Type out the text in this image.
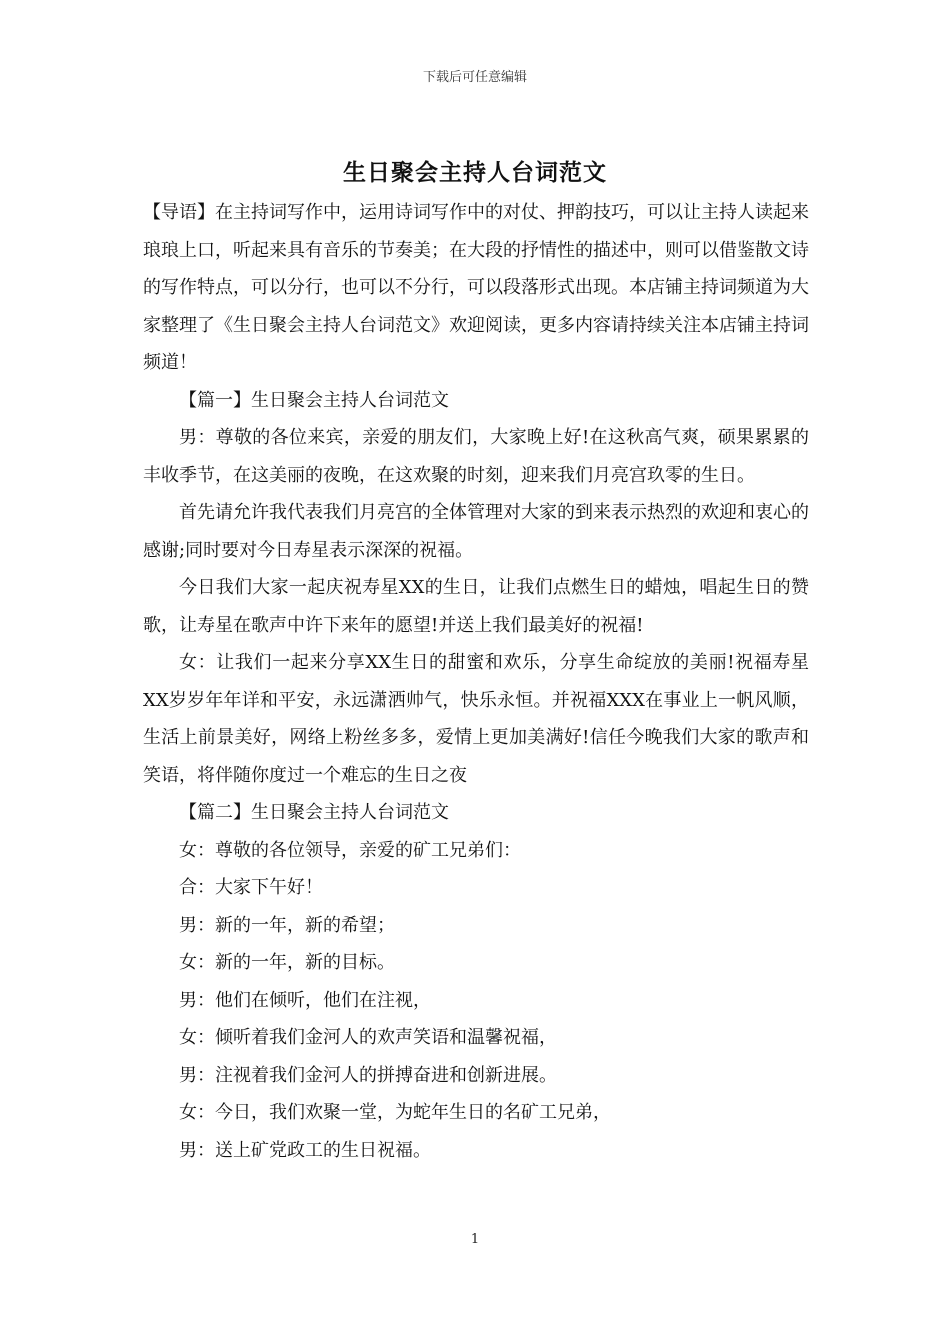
下载后可任意编辑
生日聚会主持人台词范文

【导语】在主持词写作中，运用诗词写作中的对仗、押韵技巧，可以让主持人读起来琅琅上口，听起来具有音乐的节奏美；在大段的抒情性的描述中，则可以借鉴散文诗的写作特点，可以分行，也可以不分行，可以段落形式出现。本店铺主持词频道为大家整理了《生日聚会主持人台词范文》欢迎阅读，更多内容请持续关注本店铺主持词频道！

【篇一】生日聚会主持人台词范文

男：尊敬的各位来宾，亲爱的朋友们，大家晚上好!在这秋高气爽，硕果累累的丰收季节，在这美丽的夜晚，在这欢聚的时刻，迎来我们月亮宫玖零的生日。

首先请允许我代表我们月亮宫的全体管理对大家的到来表示热烈的欢迎和衷心的感谢;同时要对今日寿星表示深深的祝福。

今日我们大家一起庆祝寿星XX的生日，让我们点燃生日的蜡烛，唱起生日的赞歌，让寿星在歌声中许下来年的愿望!并送上我们最美好的祝福!

女：让我们一起来分享XX生日的甜蜜和欢乐，分享生命绽放的美丽!祝福寿星XX岁岁年年详和平安，永远潇洒帅气，快乐永恒。并祝福XXX在事业上一帆风顺，生活上前景美好，网络上粉丝多多，爱情上更加美满好!信任今晚我们大家的歌声和笑语，将伴随你度过一个难忘的生日之夜

【篇二】生日聚会主持人台词范文

女：尊敬的各位领导，亲爱的矿工兄弟们：

合：大家下午好！

男：新的一年，新的希望；

女：新的一年，新的目标。

男：他们在倾听，他们在注视，

女：倾听着我们金河人的欢声笑语和温馨祝福，

男：注视着我们金河人的拼搏奋进和创新进展。

女：今日，我们欢聚一堂，为蛇年生日的名矿工兄弟，

男：送上矿党政工的生日祝福。

1
